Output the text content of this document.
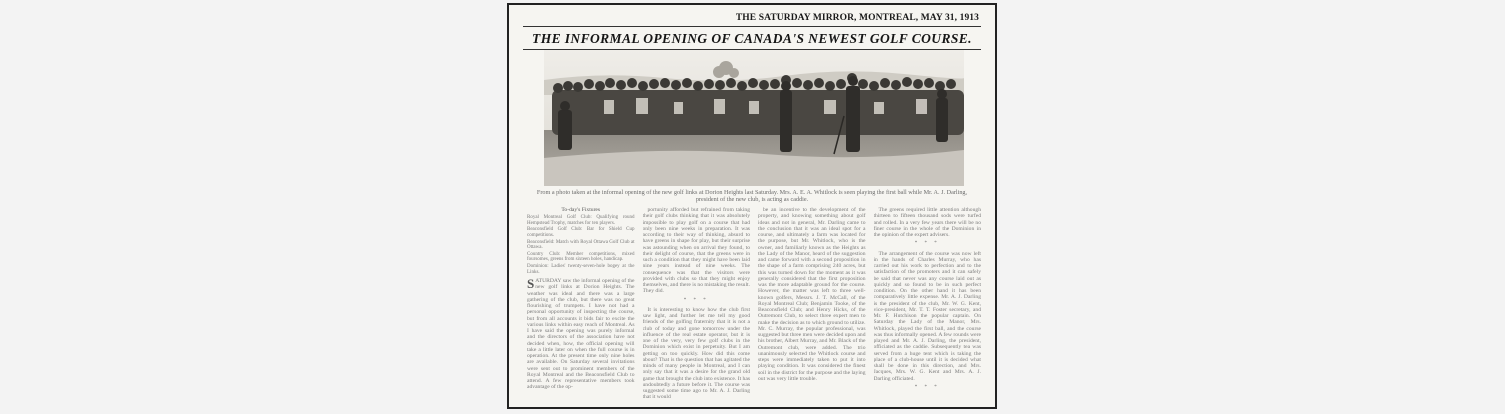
THE SATURDAY MIRROR, MONTREAL, MAY 31, 1913
THE INFORMAL OPENING OF CANADA'S NEWEST GOLF COURSE.
From a photo taken at the informal opening of the new golf links at Dorion Heights last Saturday. Mrs. A. E. A. Whitlock is seen playing the first ball while Mr. A. J. Darling, president of the new club, is acting as caddie.
To-day's Fixtures

Royal Montreal Golf Club: Qualifying round Hempstead Trophy, matches for ten players.

Beaconsfield Golf Club: Bar for Shield Cup competitions.

Beaconsfield: Match with Royal Ottawa Golf Club at Ottawa.

Country Club: Member competitions, mixed foursomes, greens from sixteen holes, handicap.

Dominion: Ladies' twenty-seven-hole bogey at the Links.

SATURDAY saw the informal opening of the new golf links at Dorion Heights. The weather was ideal and there was a large gathering of the club, but there was no great flourishing of trumpets. I have not had a personal opportunity of inspecting the course, but from all accounts it bids fair to excite the various links within easy reach of Montreal. As I have said the opening was purely informal and the directors of the association have not decided when, how, the official opening will take a little later on when the full course is in operation. At the present time only nine holes are available. On Saturday several invitations were sent out to prominent members of the Royal Montreal and the Beaconsfield Club to attend. A few representative members took advantage of the op-

portunity afforded but refrained from taking their golf clubs thinking that it was absolutely impossible to play golf on a course that had only been nine weeks in preparation. It was according to their way of thinking, absurd to have greens in shape for play, but their surprise was astounding when on arrival they found, to their delight of course, that the greens were in such a condition that they might have been laid nine years instead of nine weeks. The consequence was that the visitors were provided with clubs so that they might enjoy themselves, and there is no mistaking the result. They did.

* * *

It is interesting to know how the club first saw light, and further let me tell my good friends of the golfing fraternity that it is not a club of today and gone tomorrow under the influence of the real estate operator, but it is one of the very, very few golf clubs in the Dominion which exist in perpetuity. But I am getting on too quickly. How did this come about? That is the question that has agitated the minds of many people in Montreal, and I can only say that it was a desire for the grand old game that brought the club into existence. It has undoubtedly a future before it. The course was suggested some time ago to Mr. A. J. Darling that it would

be an incentive to the development of the property, and knowing something about golf ideas and not in general, Mr. Darling came to the conclusion that it was an ideal spot for a course, and ultimately a farm was located for the purpose, but Mr. Whitlock, who is the owner, and familiarly known as the Heights as the Lady of the Manor, heard of the suggestion and came forward with a second proposition in the shape of a farm comprising 240 acres, but this was turned down for the moment as it was generally considered that the first proposition was the more adaptable ground for the course. However, the matter was left to three well-known golfers, Messrs. J. T. McCall, of the Royal Montreal Club; Benjamin Tooke, of the Beaconsfield Club; and Henry Hicks, of the Outremont Club, to select three expert men to make the decision as to which ground to utilize. Mr. C. Murray, the popular professional, was suggested but three men were decided upon and his brother, Albert Murray, and Mr. Black of the Outremont club, were added. The trio unanimously selected the Whitlock course and steps were immediately taken to put it into playing condition. It was considered the finest soil in the district for the purpose and the laying out was very little trouble.

The greens required little attention although thirteen to fifteen thousand sods were turfed and rolled. In a very few years there will be no finer course in the whole of the Dominion in the opinion of the expert advisers.

* * *

The arrangement of the course was now left in the hands of Charles Murray, who has carried out his work to perfection and to the satisfaction of the promoters and it can safely be said that never was any course laid out as quickly and so found to be in such perfect condition. On the other hand it has been comparatively little expense. Mr. A. J. Darling is the president of the club, Mr. W. G. Kent, vice-president, Mr. T. T. Foster secretary, and Mr. F. Hutchison the popular captain. On Saturday the Lady of the Manor, Mrs. Whitlock, played the first ball, and the course was thus informally opened. A few rounds were played and Mr. A. J. Darling, the president, officiated as the caddie. Subsequently tea was served from a huge tent which is taking the place of a club-house until it is decided what shall be done in this direction, and Mrs. Jacques, Mrs. W. G. Kent and Mrs. A. J. Darling officiated.

* * *
